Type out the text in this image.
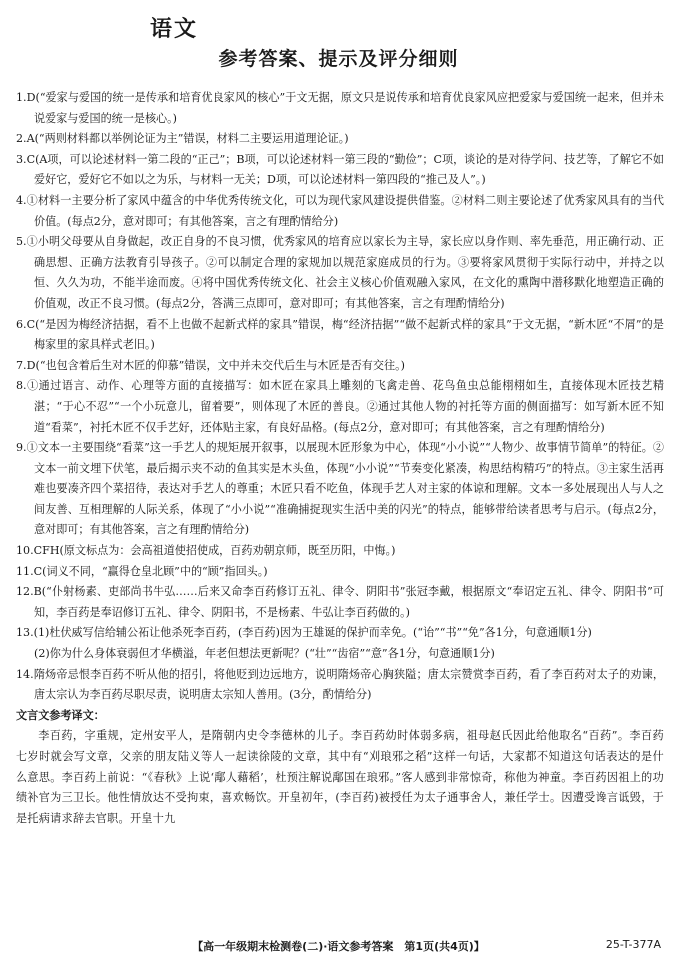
语文
参考答案、提示及评分细则
1.D(“爱家与爱国的统一是传承和培育优良家风的核心”于文无据，原文只是说传承和培育优良家风应把爱家与爱国统一起来，但并未说爱家与爱国的统一是核心。)
2.A(“两则材料都以举例论证为主”错误，材料二主要运用道理论证。)
3.C(A项，可以论述材料一第二段的“正己”；B项，可以论述材料一第三段的“勤俭”；C项，谈论的是对待学问、技艺等，了解它不如爱好它，爱好它不如以之为乐，与材料一无关；D项，可以论述材料一第四段的“推己及人”。)
4.①材料一主要分析了家风中蕴含的中华优秀传统文化，可以为现代家风建设提供借鉴。②材料二则主要论述了优秀家风具有的当代价值。(每点2分，意对即可；有其他答案，言之有理酌情给分)
5.①小明父母要从自身做起，改正自身的不良习惯，优秀家风的培育应以家长为主导，家长应以身作则、率先垂范，用正确行动、正确思想、正确方法教育引导孩子。②可以制定合理的家规加以规范家庭成员的行为。③要将家风贯彻于实际行动中，并持之以恒、久久为功，不能半途而废。④将中国优秀传统文化、社会主义核心价值观融入家风，在文化的熏陶中潜移默化地塑造正确的价值观，改正不良习惯。(每点2分，答满三点即可，意对即可；有其他答案，言之有理酌情给分)
6.C(“是因为梅经济拮据，看不上也做不起新式样的家具”错误，梅“经济拮据”“做不起新式样的家具”于文无据，“新木匠“不屑”的是梅家里的家具样式老旧。)
7.D(“也包含着后生对木匠的仰慕”错误，文中并未交代后生与木匠是否有交往。)
8.①通过语言、动作、心理等方面的直接描写：如木匠在家具上雕刻的飞禽走兽、花鸟鱼虫总能栩栩如生，直接体现木匠技艺精湛；“于心不忍”“一个小玩意儿，留着要”，则体现了木匠的善良。②通过其他人物的衬托等方面的侧面描写：如写新木匠不知道“看菜”，衬托木匠不仅手艺好，还体贴主家，有良好品格。(每点2分，意对即可；有其他答案，言之有理酌情给分)
9.①文本一主要围绕“看菜”这一手艺人的规矩展开叙事，以展现木匠形象为中心，体现“小小说”“人物少、故事情节简单”的特征。②文本一前文埋下伏笔，最后揭示夹不动的鱼其实是木头鱼，体现“小小说”“节奏变化紧凑，构思结构精巧”的特点。③主家生活再难也要凑齐四个菜招待，表达对手艺人的尊重；木匠只看不吃鱼，体现手艺人对主家的体谅和理解。文本一多处展现出人与人之间友善、互相理解的人际关系，体现了“小小说”“准确捕捉现实生活中美的闪光”的特点，能够带给读者思考与启示。(每点2分，意对即可；有其他答案，言之有理酌情给分)
10.CFH(原文标点为：会高祖道使招使成，百药劝朝京师，既至历阳，中悔。)
11.C(词义不同，“赢得仓皇北顾”中的“顾”指回头。)
12.B(“仆射杨素、吏部尚书牛弘……后来又命李百药修订五礼、律令、阴阳书”张冠李戴，根据原文“奉诏定五礼、律令、阴阳书”可知，李百药是奉诏修订五礼、律令、阴阳书，不是杨素、牛弘让李百药做的。)
13.(1)杜伏威写信给辅公祏让他杀死李百药，(李百药)因为王雄诞的保护而幸免。(“诒”“书”“免”各1分，句意通顺1分)
(2)你为什么身体衰弱但才华横溢，年老但想法更新呢？(“壮”“齿宿”“意”各1分，句意通顺1分)
14.隋炀帝忌恨李百药不听从他的招引，将他贬到边远地方，说明隋炀帝心胸狭隘；唐太宗赞赏李百药，看了李百药对太子的劝谏，唐太宗认为李百药尽职尽责，说明唐太宗知人善用。(3分，酌情给分)
文言文参考译文：
李百药，字重规，定州安平人，是隋朝内史令李德林的儿子。李百药幼时体弱多病，祖母赵氏因此给他取名“百药”。李百药七岁时就会写文章，父亲的朋友陆义等人一起读徐陵的文章，其中有“刈琅邪之稻”这样一句话，大家都不知道这句话表达的是什么意思。李百药上前说：“《春秋》上说‘鄅人藉稻’，杜预注解说鄅国在琅邪。”客人感到非常惊奇，称他为神童。李百药因祖上的功绩补官为三卫长。他性情放达不受拘束，喜欢畅饮。开皇初年，(李百药)被授任为太子通事舍人，兼任学士。因遭受谗言诋毁，于是托病请求辞去官职。开皇十九
【高一年级期末检测卷(二)·语文参考答案　第1页(共4页)】	25-T-377A
